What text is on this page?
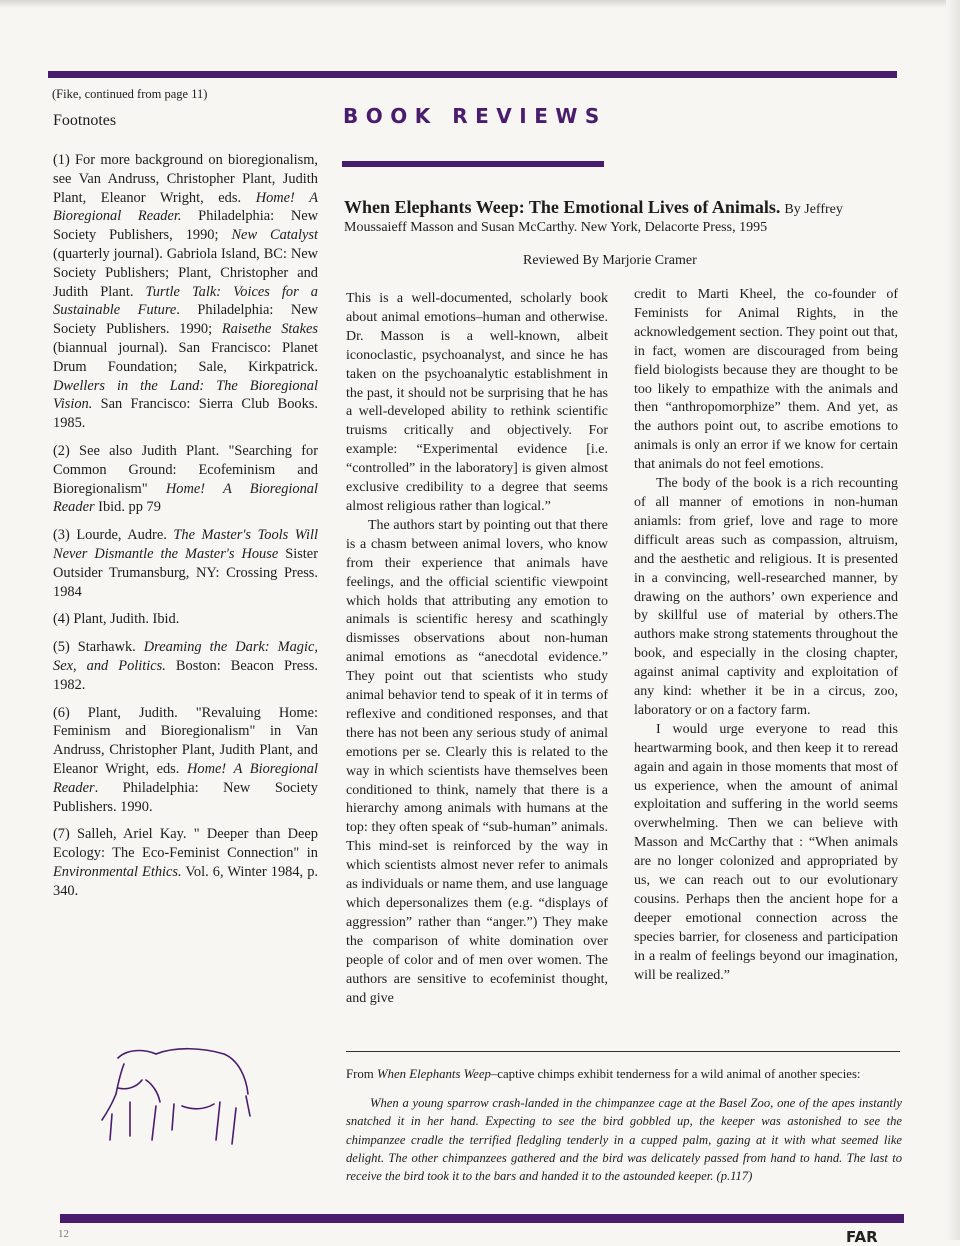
(Fike, continued from page 11)
Footnotes	BOOK REVIEWS

(1) For more background on bioregionalism, see Van Andruss, Christopher Plant, Judith Plant, Eleanor Wright, eds. Home! A Bioregional Reader. Philadelphia: New Society Publishers, 1990; New Catalyst (quarterly journal). Gabriola Island, BC: New Society Publishers; Plant, Christopher and Judith Plant. Turtle Talk: Voices for a Sustainable Future. Philadelphia: New Society Publishers. 1990; Raisethe Stakes (biannual journal). San Francisco: Planet Drum Foundation; Sale, Kirkpatrick. Dwellers in the Land: The Bioregional Vision. San Francisco: Sierra Club Books. 1985.

(2) See also Judith Plant. "Searching for Common Ground: Ecofeminism and Bioregionalism" Home! A Bioregional Reader Ibid. pp 79

(3) Lourde, Audre. The Master's Tools Will Never Dismantle the Master's House Sister Outsider Trumansburg, NY: Crossing Press. 1984

(4) Plant, Judith. Ibid.

(5) Starhawk. Dreaming the Dark: Magic, Sex, and Politics. Boston: Beacon Press. 1982.

(6) Plant, Judith. "Revaluing Home: Feminism and Bioregionalism" in Van Andruss, Christopher Plant, Judith Plant, and Eleanor Wright, eds. Home! A Bioregional Reader. Philadelphia: New Society Publishers. 1990.

(7) Salleh, Ariel Kay. " Deeper than Deep Ecology: The Eco-Feminist Connection" in Environmental Ethics. Vol. 6, Winter 1984, p. 340.

When Elephants Weep: The Emotional Lives of Animals. By Jeffrey
Moussaieff Masson and Susan McCarthy. New York, Delacorte Press, 1995
Reviewed By Marjorie Cramer

This is a well-documented, scholarly book about animal emotions–human and otherwise. Dr. Masson is a well-known, albeit iconoclastic, psychoanalyst, and since he has taken on the psychoanalytic establishment in the past, it should not be surprising that he has a well-developed ability to rethink scientific truisms critically and objectively. For example: “Experimental evidence [i.e. “controlled” in the laboratory] is given almost exclusive credibility to a degree that seems almost religious rather than logical.”

The authors start by pointing out that there is a chasm between animal lovers, who know from their experience that animals have feelings, and the official scientific viewpoint which holds that attributing any emotion to animals is scientific heresy and scathingly dismisses observations about non-human animal emotions as “anecdotal evidence.” They point out that scientists who study animal behavior tend to speak of it in terms of reflexive and conditioned responses, and that there has not been any serious study of animal emotions per se. Clearly this is related to the way in which scientists have themselves been conditioned to think, namely that there is a hierarchy among animals with humans at the top: they often speak of “sub-human” animals. This mind-set is reinforced by the way in which scientists almost never refer to animals as individuals or name them, and use language which depersonalizes them (e.g. “displays of aggression” rather than “anger.”) They make the comparison of white domination over people of color and of men over women. The authors are sensitive to ecofeminist thought, and give

credit to Marti Kheel, the co-founder of Feminists for Animal Rights, in the acknowledgement section. They point out that, in fact, women are discouraged from being field biologists because they are thought to be too likely to empathize with the animals and then “anthropomorphize” them. And yet, as the authors point out, to ascribe emotions to animals is only an error if we know for certain that animals do not feel emotions.

The body of the book is a rich recounting of all manner of emotions in non-human aniamls: from grief, love and rage to more difficult areas such as compassion, altruism, and the aesthetic and religious. It is presented in a convincing, well-researched manner, by drawing on the authors’ own experience and by skillful use of material by others.The authors make strong statements throughout the book, and especially in the closing chapter, against animal captivity and exploitation of any kind: whether it be in a circus, zoo, laboratory or on a factory farm.

I would urge everyone to read this heartwarming book, and then keep it to reread again and again in those moments that most of us experience, when the amount of animal exploitation and suffering in the world seems overwhelming. Then we can believe with Masson and McCarthy that : “When animals are no longer colonized and appropriated by us, we can reach out to our evolutionary cousins. Perhaps then the ancient hope for a deeper emotional connection across the species barrier, for closeness and participation in a realm of feelings beyond our imagination, will be realized.”

From When Elephants Weep–captive chimps exhibit tenderness for a wild animal of another species:
When a young sparrow crash-landed in the chimpanzee cage at the Basel Zoo, one of the apes instantly snatched it in her hand. Expecting to see the bird gobbled up, the keeper was astonished to see the chimpanzee cradle the terrified fledgling tenderly in a cupped palm, gazing at it with what seemed like delight. The other chimpanzees gathered and the bird was delicately passed from hand to hand. The last to receive the bird took it to the bars and handed it to the astounded keeper. (p.117)
12	FAR
